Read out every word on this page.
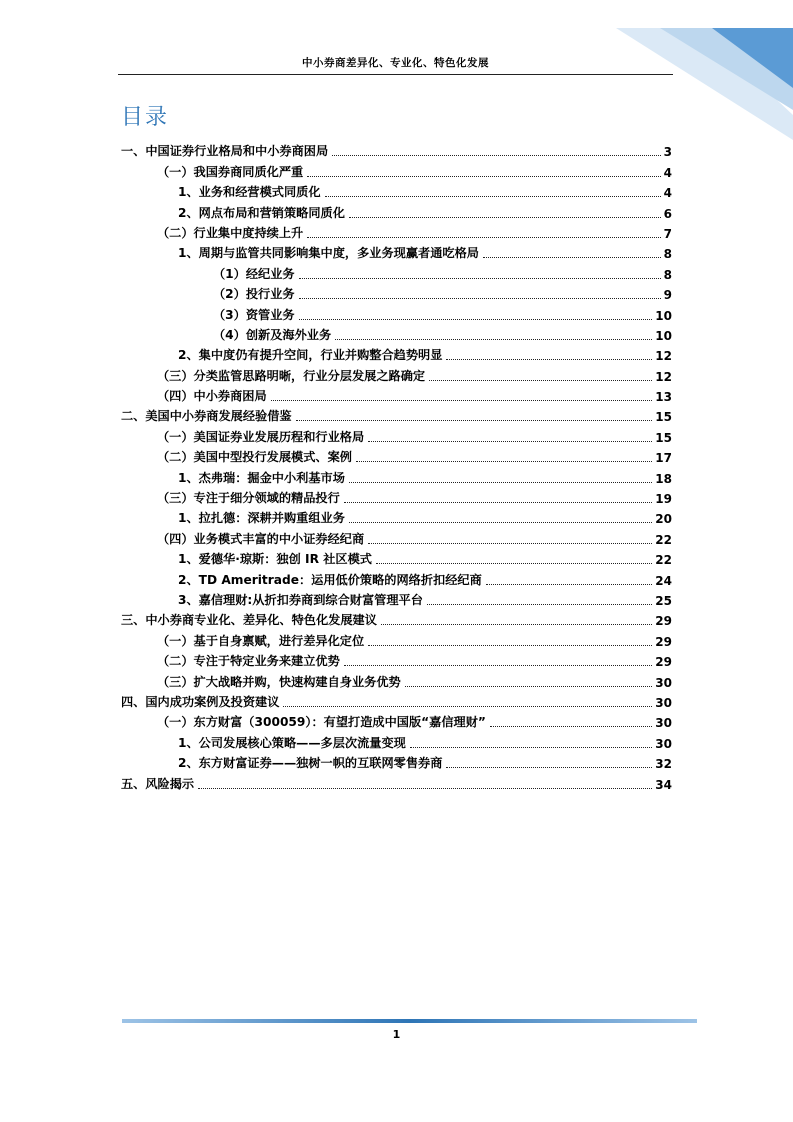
中小券商差异化、专业化、特色化发展
目录
一、中国证券行业格局和中小券商困局	3
（一）我国券商同质化严重	4
1、业务和经营模式同质化	4
2、网点布局和营销策略同质化	6
（二）行业集中度持续上升	7
1、周期与监管共同影响集中度，多业务现赢者通吃格局	8
（1）经纪业务	8
（2）投行业务	9
（3）资管业务	10
（4）创新及海外业务	10
2、集中度仍有提升空间，行业并购整合趋势明显	12
（三）分类监管思路明晰，行业分层发展之路确定	12
（四）中小券商困局	13
二、美国中小券商发展经验借鉴	15
（一）美国证券业发展历程和行业格局	15
（二）美国中型投行发展模式、案例	17
1、杰弗瑞：掘金中小利基市场	18
（三）专注于细分领域的精品投行	19
1、拉扎德：深耕并购重组业务	20
（四）业务模式丰富的中小证券经纪商	22
1、爱德华·琼斯：独创 IR 社区模式	22
2、TD Ameritrade：运用低价策略的网络折扣经纪商	24
3、嘉信理财:从折扣券商到综合财富管理平台	25
三、中小券商专业化、差异化、特色化发展建议	29
（一）基于自身禀赋，进行差异化定位	29
（二）专注于特定业务来建立优势	29
（三）扩大战略并购，快速构建自身业务优势	30
四、国内成功案例及投资建议	30
（一）东方财富（300059）：有望打造成中国版“嘉信理财”	30
1、公司发展核心策略——多层次流量变现	30
2、东方财富证券——独树一帜的互联网零售券商	32
五、风险揭示	34
1
